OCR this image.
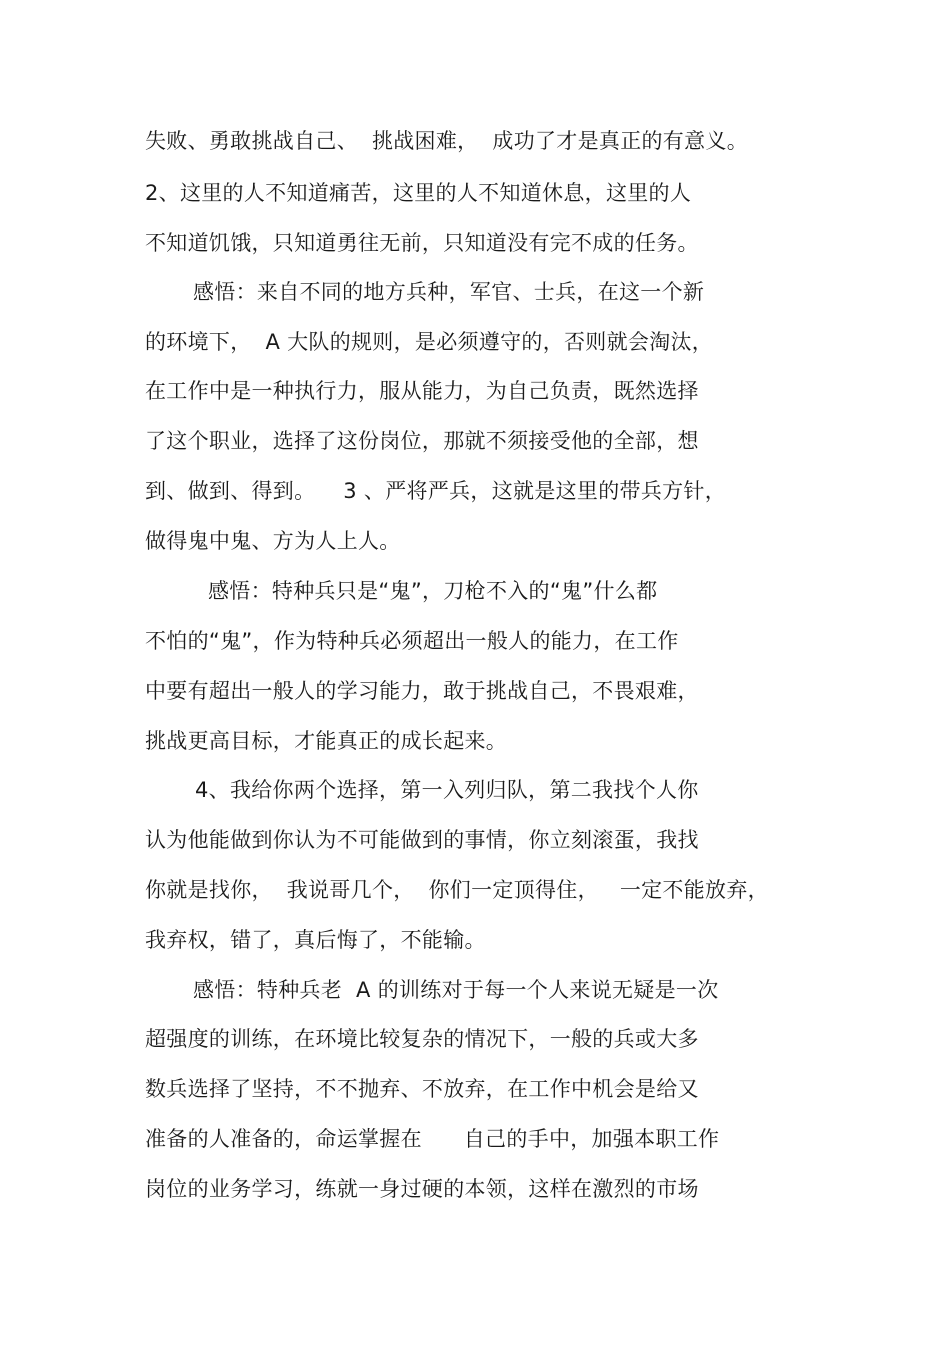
失败、勇敢挑战自己、  挑战困难，  成功了才是真正的有意义。
2、这里的人不知道痛苦，这里的人不知道休息，这里的人
不知道饥饿，只知道勇往无前，只知道没有完不成的任务。
感悟：来自不同的地方兵种，军官、士兵，在这一个新
的环境下，  A 大队的规则，是必须遵守的，否则就会淘汰，
在工作中是一种执行力，服从能力，为自己负责，既然选择
了这个职业，选择了这份岗位，那就不须接受他的全部，想
到、做到、得到。    3 、严将严兵，这就是这里的带兵方针，
做得鬼中鬼、方为人上人。
感悟：特种兵只是“鬼”，刀枪不入的“鬼”什么都
不怕的“鬼”，作为特种兵必须超出一般人的能力，在工作
中要有超出一般人的学习能力，敢于挑战自己，不畏艰难，
挑战更高目标，才能真正的成长起来。
4、我给你两个选择，第一入列归队，第二我找个人你
认为他能做到你认为不可能做到的事情，你立刻滚蛋，我找
你就是找你，  我说哥几个，  你们一定顶得住，   一定不能放弃，
我弃权，错了，真后悔了，不能输。
感悟：特种兵老  A 的训练对于每一个人来说无疑是一次
超强度的训练，在环境比较复杂的情况下，一般的兵或大多
数兵选择了坚持，不不抛弃、不放弃，在工作中机会是给又
准备的人准备的，命运掌握在      自己的手中，加强本职工作
岗位的业务学习，练就一身过硬的本领，这样在激烈的市场
